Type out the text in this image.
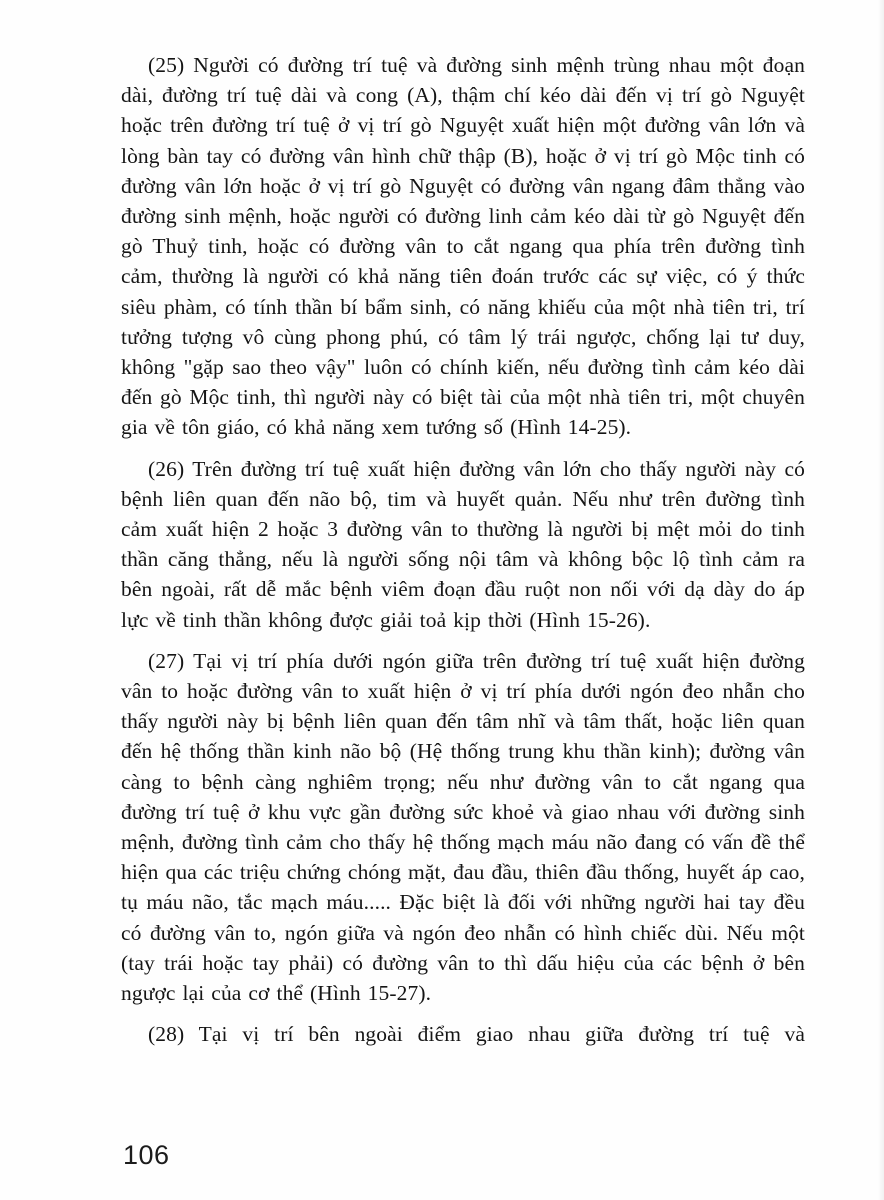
(25) Người có đường trí tuệ và đường sinh mệnh trùng nhau một đoạn dài, đường trí tuệ dài và cong (A), thậm chí kéo dài đến vị trí gò Nguyệt hoặc trên đường trí tuệ ở vị trí gò Nguyệt xuất hiện một đường vân lớn và lòng bàn tay có đường vân hình chữ thập (B), hoặc ở vị trí gò Mộc tinh có đường vân lớn hoặc ở vị trí gò Nguyệt có đường vân ngang đâm thẳng vào đường sinh mệnh, hoặc người có đường linh cảm kéo dài từ gò Nguyệt đến gò Thuỷ tinh, hoặc có đường vân to cắt ngang qua phía trên đường tình cảm, thường là người có khả năng tiên đoán trước các sự việc, có ý thức siêu phàm, có tính thần bí bẩm sinh, có năng khiếu của một nhà tiên tri, trí tưởng tượng vô cùng phong phú, có tâm lý trái ngược, chống lại tư duy, không "gặp sao theo vậy" luôn có chính kiến, nếu đường tình cảm kéo dài đến gò Mộc tinh, thì người này có biệt tài của một nhà tiên tri, một chuyên gia về tôn giáo, có khả năng xem tướng số (Hình 14-25).

(26) Trên đường trí tuệ xuất hiện đường vân lớn cho thấy người này có bệnh liên quan đến não bộ, tim và huyết quản. Nếu như trên đường tình cảm xuất hiện 2 hoặc 3 đường vân to thường là người bị mệt mỏi do tinh thần căng thẳng, nếu là người sống nội tâm và không bộc lộ tình cảm ra bên ngoài, rất dễ mắc bệnh viêm đoạn đầu ruột non nối với dạ dày do áp lực về tinh thần không được giải toả kịp thời (Hình 15-26).

(27) Tại vị trí phía dưới ngón giữa trên đường trí tuệ xuất hiện đường vân to hoặc đường vân to xuất hiện ở vị trí phía dưới ngón đeo nhẫn cho thấy người này bị bệnh liên quan đến tâm nhĩ và tâm thất, hoặc liên quan đến hệ thống thần kinh não bộ (Hệ thống trung khu thần kinh); đường vân càng to bệnh càng nghiêm trọng; nếu như đường vân to cắt ngang qua đường trí tuệ ở khu vực gần đường sức khoẻ và giao nhau với đường sinh mệnh, đường tình cảm cho thấy hệ thống mạch máu não đang có vấn đề thể hiện qua các triệu chứng chóng mặt, đau đầu, thiên đầu thống, huyết áp cao, tụ máu não, tắc mạch máu..... Đặc biệt là đối với những người hai tay đều có đường vân to, ngón giữa và ngón đeo nhẫn có hình chiếc dùi. Nếu một (tay trái hoặc tay phải) có đường vân to thì dấu hiệu của các bệnh ở bên ngược lại của cơ thể (Hình 15-27).

(28) Tại vị trí bên ngoài điểm giao nhau giữa đường trí tuệ và

106
